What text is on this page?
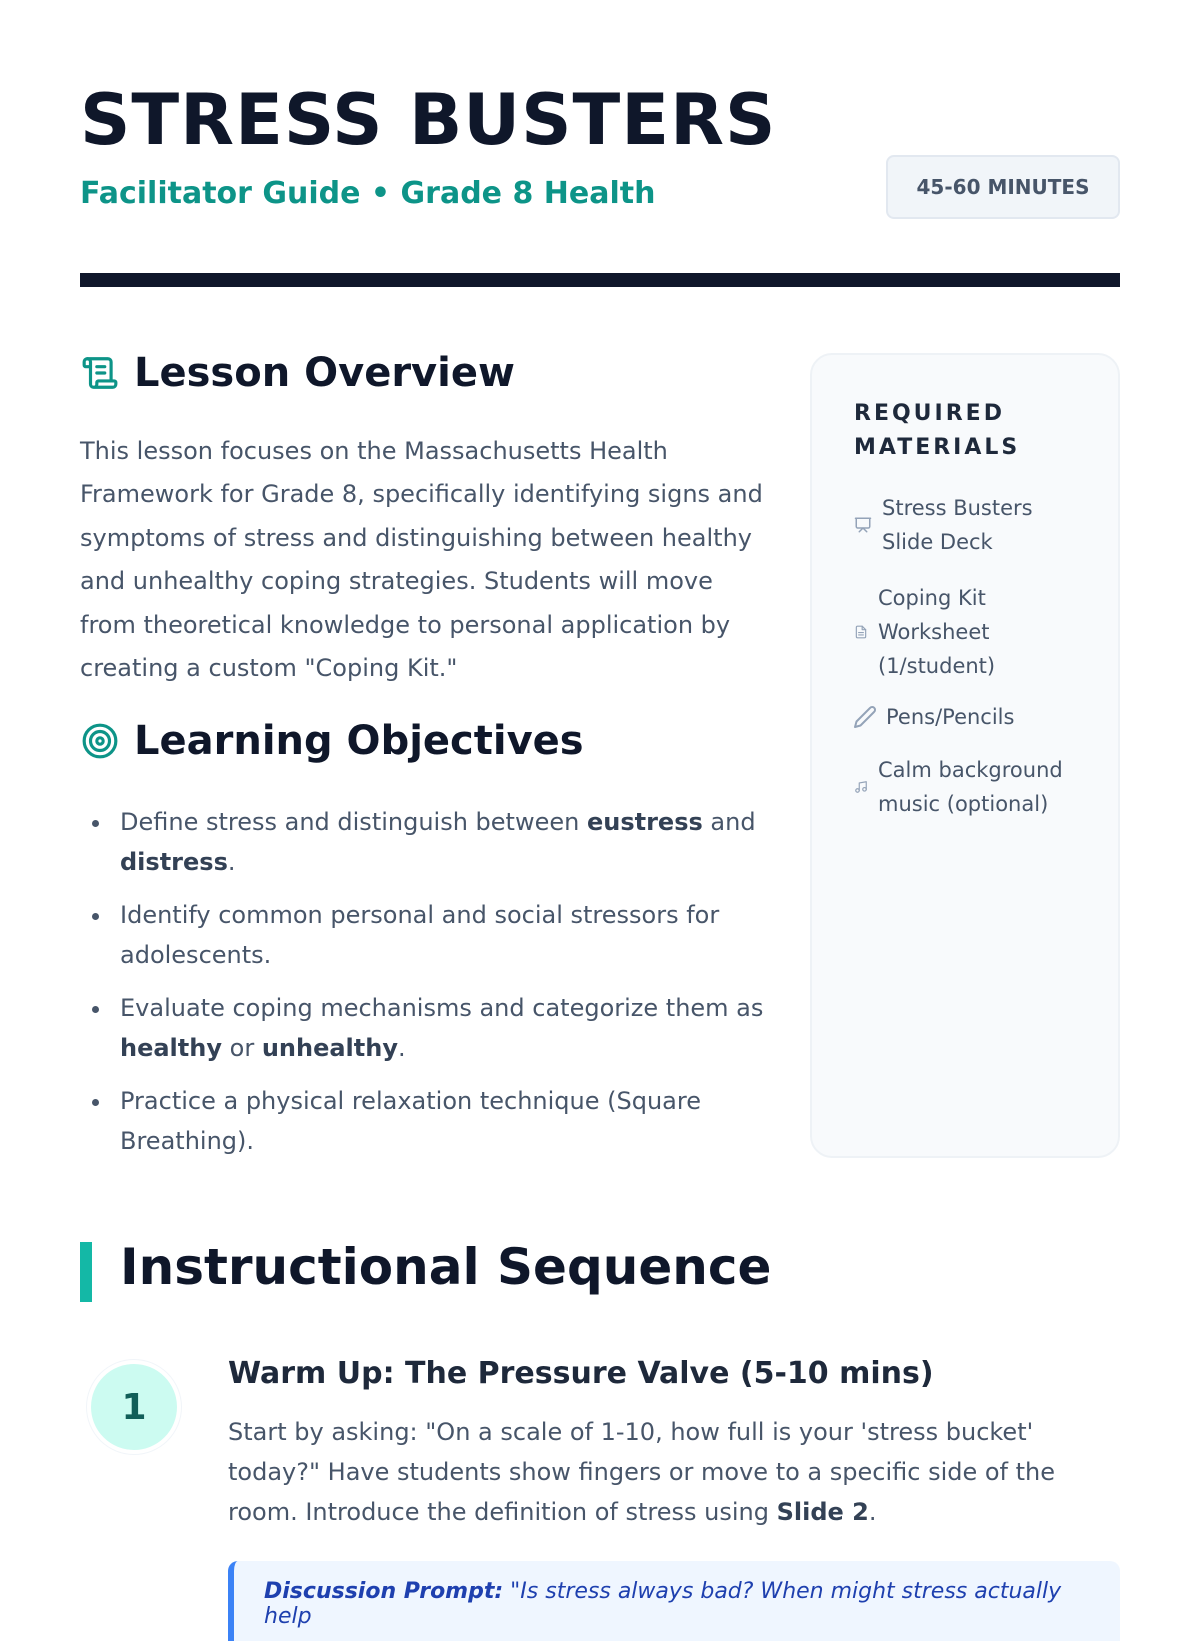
STRESS BUSTERS
Facilitator Guide • Grade 8 Health	45-60 MINUTES
Lesson Overview

This lesson focuses on the Massachusetts Health Framework for Grade 8, specifically identifying signs and symptoms of stress and distinguishing between healthy and unhealthy coping strategies. Students will move from theoretical knowledge to personal application by creating a custom "Coping Kit."

Learning Objectives
Define stress and distinguish between eustress and distress.
Identify common personal and social stressors for adolescents.
Evaluate coping mechanisms and categorize them as healthy or unhealthy.
Practice a physical relaxation technique (Square Breathing).
REQUIRED MATERIALS
Stress Busters Slide Deck
Coping Kit Worksheet (1/student)
Pens/Pencils
Calm background music (optional)
Instructional Sequence
1
Warm Up: The Pressure Valve (5-10 mins)

Start by asking: "On a scale of 1-10, how full is your 'stress bucket' today?" Have students show fingers or move to a specific side of the room. Introduce the definition of stress using Slide 2.

Discussion Prompt: "Is stress always bad? When might stress actually help
